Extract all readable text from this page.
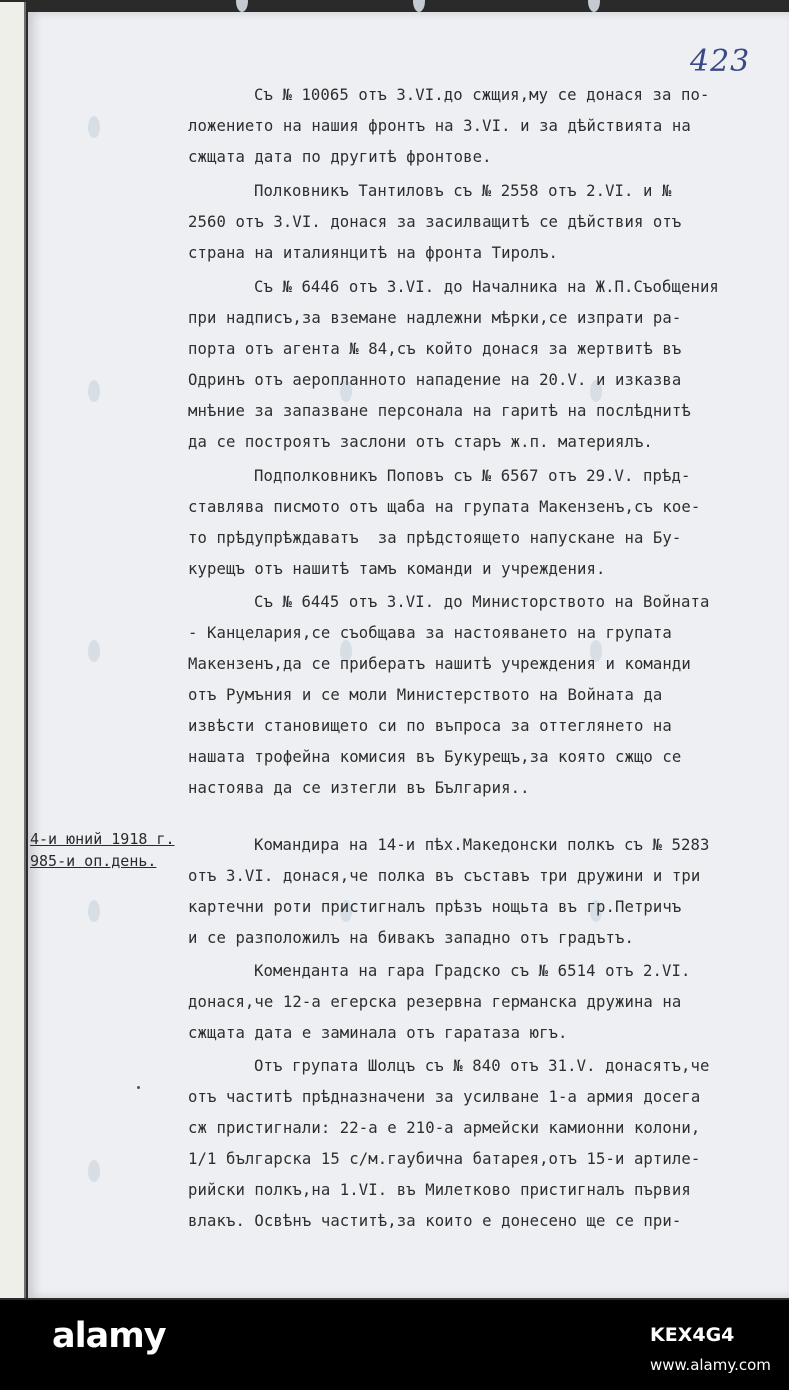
423
4-и юний 1918 г.
985-и оп.день.
Съ № 10065 отъ 3.VI.до сжщия,му се донася за по-
ложението на нашия фронтъ на 3.VI. и за дѣйствията на
сжщата дата по другитѣ фронтове.
Полковникъ Тантиловъ съ № 2558 отъ 2.VI. и №
2560 отъ 3.VI. донася за засилващитѣ се дѣйствия отъ
страна на италиянцитѣ на фронта Тиролъ.
Съ № 6446 отъ 3.VI. до Началника на Ж.П.Съобщения
при надписъ,за вземане надлежни мѣрки,се изпрати ра-
порта отъ агента № 84,съ който донася за жертвитѣ въ
Одринъ отъ аеропланното нападение на 20.V. и изказва
мнѣние за запазване персонала на гаритѣ на послѣднитѣ
да се построятъ заслони отъ старъ ж.п. материялъ.
Подполковникъ Поповъ съ № 6567 отъ 29.V. прѣд-
ставлява писмото отъ щаба на групата Макензенъ,съ кое-
то прѣдупрѣждаватъ  за прѣдстоящето напускане на Бу-
курещъ отъ нашитѣ тамъ команди и учреждения.
Съ № 6445 отъ 3.VI. до Министорството на Войната
- Канцелария,се съобщава за настояването на групата
Макензенъ,да се прибератъ нашитѣ учреждения и команди
отъ Румъния и се моли Министерството на Войната да
извѣсти становището си по въпроса за оттеглянето на
нашата трофейна комисия въ Букурещъ,за която сжщо се
настоява да се изтегли въ България..
Командира на 14-и пѣх.Македонски полкъ съ № 5283
отъ 3.VI. донася,че полка въ съставъ три дружини и три
картечни роти пристигналъ прѣзъ нощьта въ гр.Петричъ
и се разположилъ на бивакъ западно отъ градътъ.
Коменданта на гара Градско съ № 6514 отъ 2.VI.
донася,че 12-а егерска резервна германска дружина на
сжщата дата е заминала отъ гаратаза югъ.
Отъ групата Шолцъ съ № 840 отъ 31.V. донасятъ,че
отъ частитѣ прѣдназначени за усилване 1-а армия досега
сж пристигнали: 22-а е 210-а армейски камионни колони,
1/1 българска 15 с/м.гаубична батарея,отъ 15-и артиле-
рийски полкъ,на 1.VI. въ Милетково пристигналъ първия
влакъ. Освѣнъ частитѣ,за които е донесено ще се при-
alamy	KEX4G4
www.alamy.com
